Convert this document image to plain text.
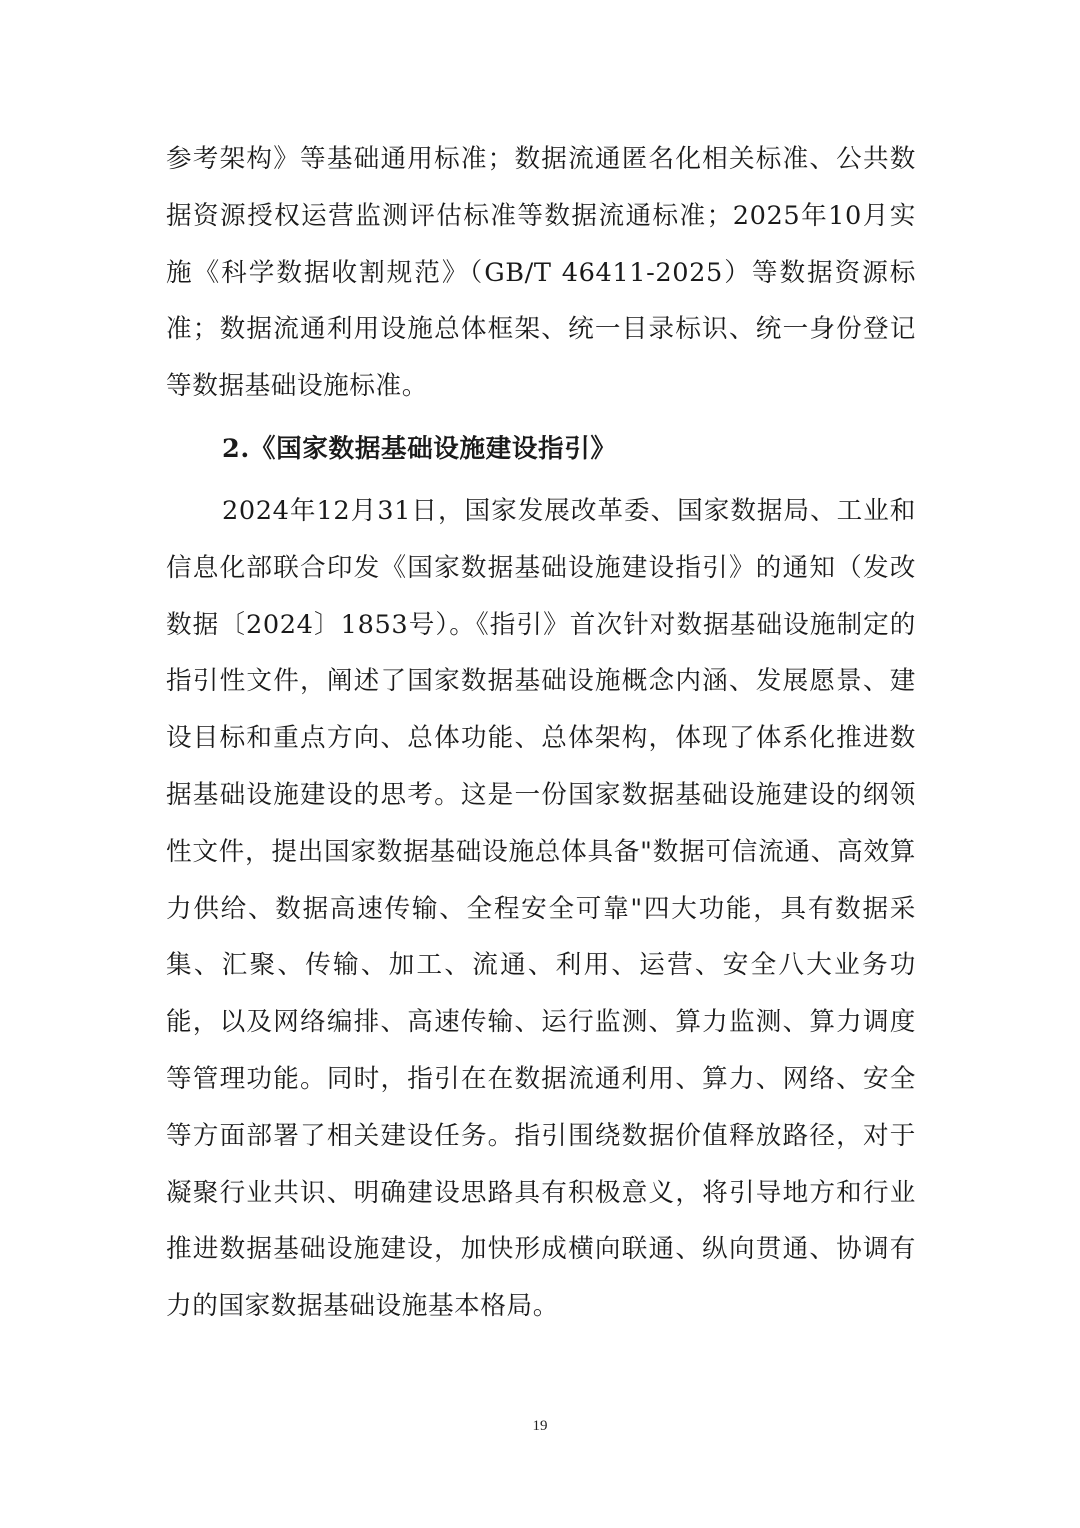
参考架构》等基础通用标准；数据流通匿名化相关标准、公共数据资源授权运营监测评估标准等数据流通标准；2025年10月实施《科学数据收割规范》（GB/T 46411-2025）等数据资源标准；数据流通利用设施总体框架、统一目录标识、统一身份登记等数据基础设施标准。

2.《国家数据基础设施建设指引》

2024年12月31日，国家发展改革委、国家数据局、工业和信息化部联合印发《国家数据基础设施建设指引》的通知（发改数据〔2024〕1853号）。《指引》首次针对数据基础设施制定的指引性文件，阐述了国家数据基础设施概念内涵、发展愿景、建设目标和重点方向、总体功能、总体架构，体现了体系化推进数据基础设施建设的思考。这是一份国家数据基础设施建设的纲领性文件，提出国家数据基础设施总体具备"数据可信流通、高效算力供给、数据高速传输、全程安全可靠"四大功能，具有数据采集、汇聚、传输、加工、流通、利用、运营、安全八大业务功能，以及网络编排、高速传输、运行监测、算力监测、算力调度等管理功能。同时，指引在在数据流通利用、算力、网络、安全等方面部署了相关建设任务。指引围绕数据价值释放路径，对于凝聚行业共识、明确建设思路具有积极意义，将引导地方和行业推进数据基础设施建设，加快形成横向联通、纵向贯通、协调有力的国家数据基础设施基本格局。

19
